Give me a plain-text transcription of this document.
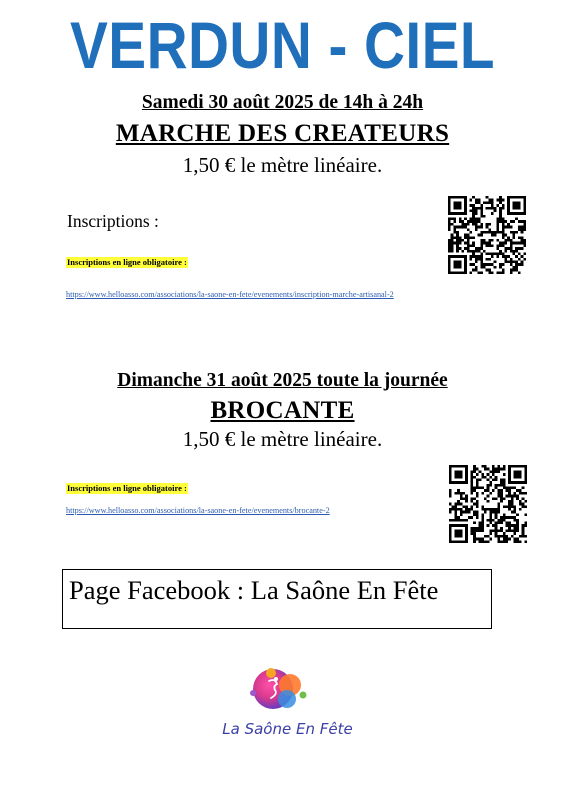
VERDUN - CIEL
Samedi 30 août 2025 de 14h à 24h
MARCHE DES CREATEURS
1,50 € le mètre linéaire.
Inscriptions :
Inscriptions en ligne obligatoire :
https://www.helloasso.com/associations/la-saone-en-fete/evenements/inscription-marche-artisanal-2
Dimanche 31 août 2025 toute la journée
BROCANTE
1,50 € le mètre linéaire.
Inscriptions en ligne obligatoire :
https://www.helloasso.com/associations/la-saone-en-fete/evenements/brocante-2
Page Facebook : La Saône En Fête
La Saône En Fête
